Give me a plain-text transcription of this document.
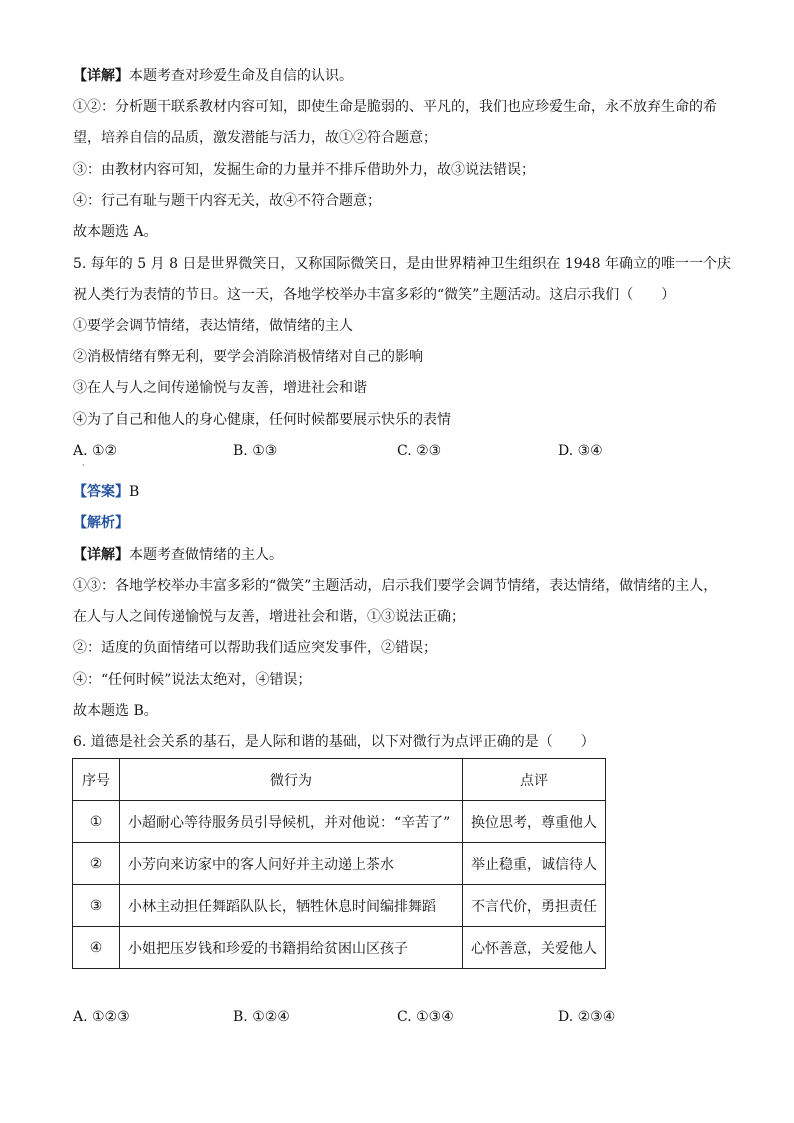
【详解】本题考查对珍爱生命及自信的认识。
①②：分析题干联系教材内容可知，即使生命是脆弱的、平凡的，我们也应珍爱生命，永不放弃生命的希
望，培养自信的品质，激发潜能与活力，故①②符合题意；
③：由教材内容可知，发掘生命的力量并不排斥借助外力，故③说法错误；
④：行己有耻与题干内容无关，故④不符合题意；
故本题选 A。
5. 每年的 5 月 8 日是世界微笑日，又称国际微笑日，是由世界精神卫生组织在 1948 年确立的唯一一个庆
祝人类行为表情的节日。这一天，各地学校举办丰富多彩的“微笑”主题活动。这启示我们（　　）
①要学会调节情绪，表达情绪，做情绪的主人
②消极情绪有弊无利，要学会消除消极情绪对自己的影响
③在人与人之间传递愉悦与友善，增进社会和谐
④为了自己和他人的身心健康，任何时候都要展示快乐的表情
A. ①②	B. ①③	C. ②③	D. ③④
·
【答案】B
【解析】
【详解】本题考查做情绪的主人。
①③：各地学校举办丰富多彩的“微笑”主题活动，启示我们要学会调节情绪，表达情绪，做情绪的主人，
在人与人之间传递愉悦与友善，增进社会和谐，①③说法正确；
②：适度的负面情绪可以帮助我们适应突发事件，②错误；
④：“任何时候”说法太绝对，④错误；
故本题选 B。
6. 道德是社会关系的基石，是人际和谐的基础，以下对微行为点评正确的是（　　）
序号	微行为	点评
①	小超耐心等待服务员引导候机，并对他说：“辛苦了”	换位思考，尊重他人
②	小芳向来访家中的客人问好并主动递上茶水	举止稳重，诚信待人
③	小林主动担任舞蹈队队长，牺牲休息时间编排舞蹈	不言代价，勇担责任
④	小姐把压岁钱和珍爱的书籍捐给贫困山区孩子	心怀善意，关爱他人
A. ①②③	B. ①②④	C. ①③④	D. ②③④
